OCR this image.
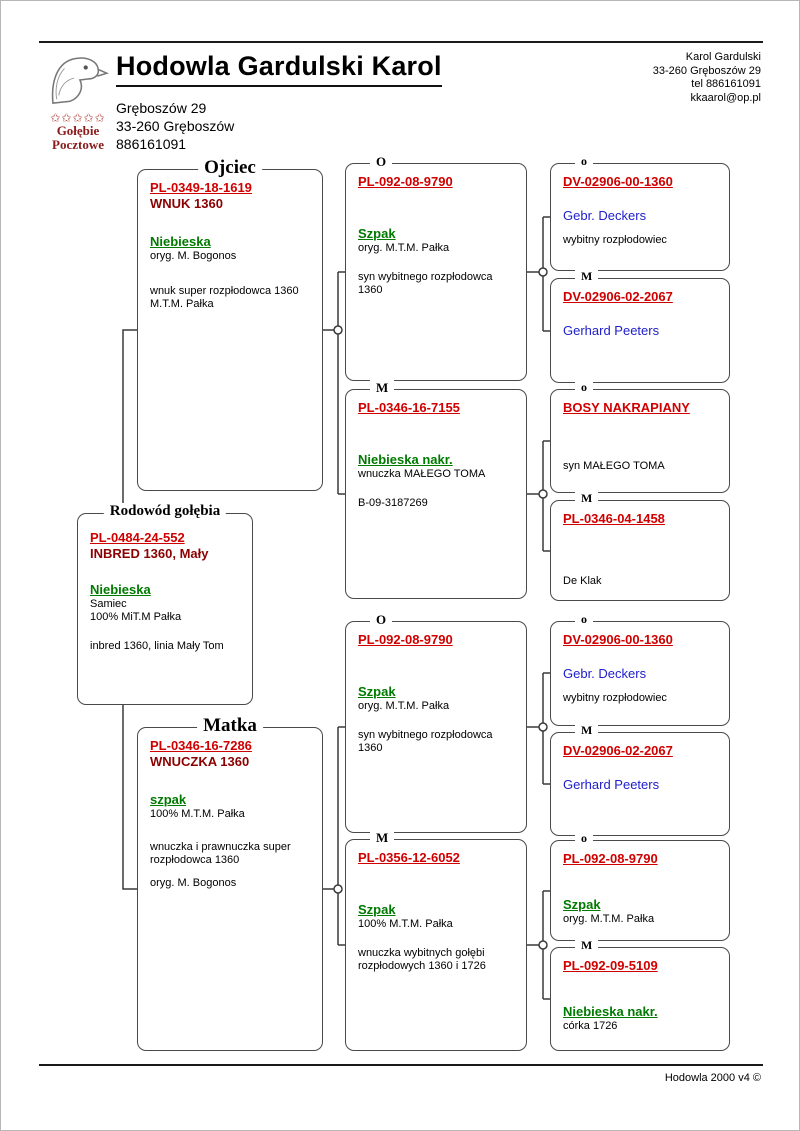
✩✩✩✩✩
Gołębie
Pocztowe
Hodowla Gardulski Karol
Gręboszów 29
33-260 Gręboszów
886161091
Karol Gardulski
33-260 Gręboszów 29
tel 886161091
kkaarol@op.pl
Ojciec
PL-0349-18-1619
WNUK 1360
Niebieska
oryg. M. Bogonos
wnuk super rozpłodowca 1360
M.T.M. Pałka
Rodowód gołębia
PL-0484-24-552
INBRED 1360, Mały
Niebieska
Samiec
100% MiT.M Pałka
inbred 1360, linia Mały Tom
Matka
PL-0346-16-7286
WNUCZKA 1360
szpak
100% M.T.M. Pałka
wnuczka i prawnuczka super rozpłodowca 1360
oryg. M. Bogonos
O
PL-092-08-9790
Szpak
oryg. M.T.M. Pałka
syn wybitnego rozpłodowca 1360
M
PL-0346-16-7155
Niebieska nakr.
wnuczka MAŁEGO TOMA
B-09-3187269
O
PL-092-08-9790
Szpak
oryg. M.T.M. Pałka
syn wybitnego rozpłodowca 1360
M
PL-0356-12-6052
Szpak
100% M.T.M. Pałka
wnuczka wybitnych gołębi rozpłodowych 1360 i 1726
o
DV-02906-00-1360
Gebr. Deckers
wybitny rozpłodowiec
M
DV-02906-02-2067
Gerhard Peeters
o
BOSY NAKRAPIANY
syn MAŁEGO TOMA
M
PL-0346-04-1458
De Klak
o
DV-02906-00-1360
Gebr. Deckers
wybitny rozpłodowiec
M
DV-02906-02-2067
Gerhard Peeters
o
PL-092-08-9790
Szpak
oryg. M.T.M. Pałka
M
PL-092-09-5109
Niebieska nakr.
córka 1726
Hodowla 2000 v4 ©
